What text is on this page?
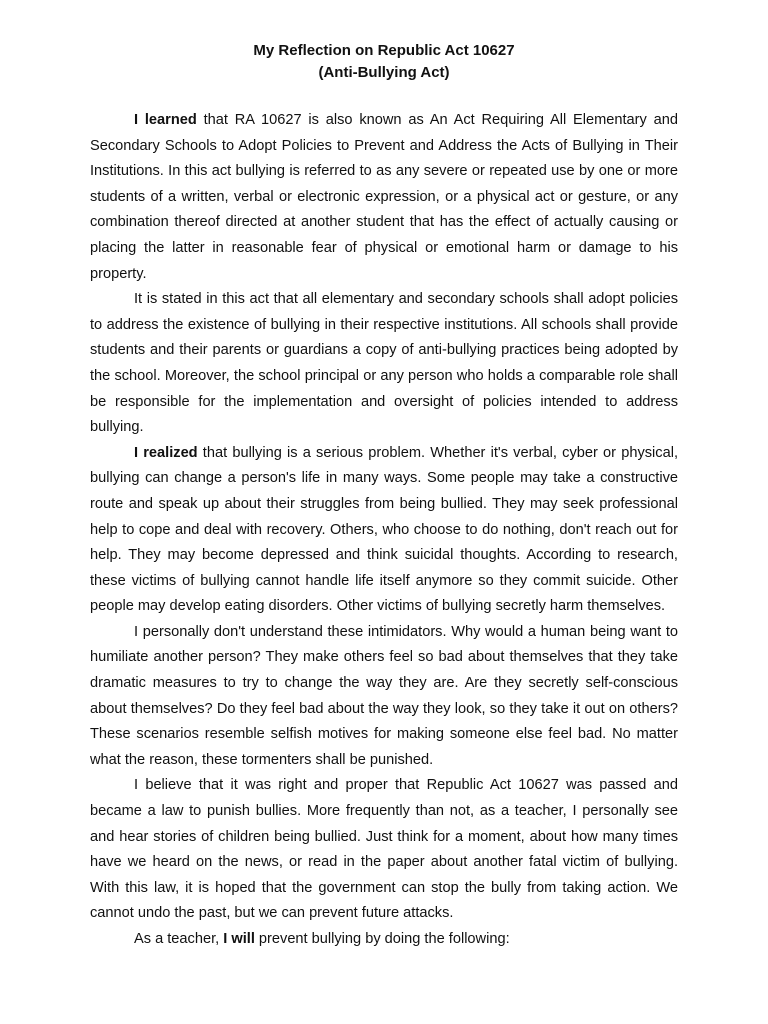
My Reflection on Republic Act 10627

(Anti-Bullying Act)

I learned that RA 10627 is also known as An Act Requiring All Elementary and Secondary Schools to Adopt Policies to Prevent and Address the Acts of Bullying in Their Institutions. In this act bullying is referred to as any severe or repeated use by one or more students of a written, verbal or electronic expression, or a physical act or gesture, or any combination thereof directed at another student that has the effect of actually causing or placing the latter in reasonable fear of physical or emotional harm or damage to his property.

It is stated in this act that all elementary and secondary schools shall adopt policies to address the existence of bullying in their respective institutions. All schools shall provide students and their parents or guardians a copy of anti-bullying practices being adopted by the school. Moreover, the school principal or any person who holds a comparable role shall be responsible for the implementation and oversight of policies intended to address bullying.

I realized that bullying is a serious problem. Whether it's verbal, cyber or physical, bullying can change a person's life in many ways. Some people may take a constructive route and speak up about their struggles from being bullied. They may seek professional help to cope and deal with recovery. Others, who choose to do nothing, don't reach out for help. They may become depressed and think suicidal thoughts. According to research, these victims of bullying cannot handle life itself anymore so they commit suicide. Other people may develop eating disorders. Other victims of bullying secretly harm themselves.

I personally don't understand these intimidators. Why would a human being want to humiliate another person? They make others feel so bad about themselves that they take dramatic measures to try to change the way they are. Are they secretly self-conscious about themselves? Do they feel bad about the way they look, so they take it out on others? These scenarios resemble selfish motives for making someone else feel bad. No matter what the reason, these tormenters shall be punished.

I believe that it was right and proper that Republic Act 10627 was passed and became a law to punish bullies. More frequently than not, as a teacher, I personally see and hear stories of children being bullied. Just think for a moment, about how many times have we heard on the news, or read in the paper about another fatal victim of bullying. With this law, it is hoped that the government can stop the bully from taking action. We cannot undo the past, but we can prevent future attacks.

As a teacher, I will prevent bullying by doing the following:
